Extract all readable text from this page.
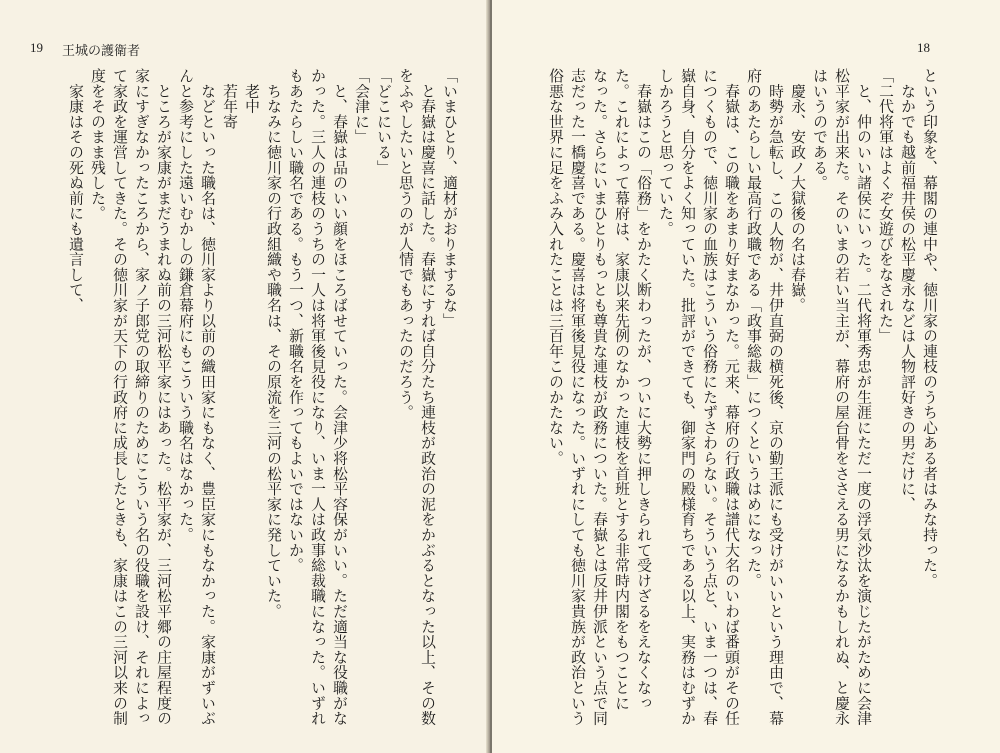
19 王城の護衛者
「いまひとり、適材がおりまするな」
　と春嶽は慶喜に話した。春嶽にすれば自分たち連枝が政治の泥をかぶるとなった以上、その数
をふやしたいと思うのが人情でもあったのだろう。
「どこにいる」
「会津に」
　と、春嶽は品のいい顔をほころばせていった。会津少将松平容保がいい。ただ適当な役職がな
かった。三人の連枝のうちの一人は将軍後見役になり、いま一人は政事総裁職になった。いずれ
もあたらしい職名である。もう一つ、新職名を作ってもよいではないか。
　ちなみに徳川家の行政組織や職名は、その原流を三河の松平家に発していた。
　老中
　若年寄
　などといった職名は、徳川家より以前の織田家にもなく、豊臣家にもなかった。家康がずいぶ
んと参考にした遠いむかしの鎌倉幕府にもこういう職名はなかった。
　ところが家康がまだうまれぬ前の三河松平家にはあった。松平家が、三河松平郷の庄屋程度の
家にすぎなかったころから、家ノ子郎党の取締りのためにこういう名の役職を設け、それによっ
て家政を運営してきた。その徳川家が天下の行政府に成長したときも、家康はこの三河以来の制
度をそのまま残した。
　家康はその死ぬ前にも遺言して、
18
という印象を、幕閣の連中や、徳川家の連枝のうち心ある者はみな持った。
　なかでも越前福井侯の松平慶永などは人物評好きの男だけに、
「二代将軍はよくぞ女遊びをなされた」
　と、仲のいい諸侯にいった。二代将軍秀忠が生涯にただ一度の浮気沙汰を演じたがために会津
松平家が出来た。そのいまの若い当主が、幕府の屋台骨をささえる男になるかもしれぬ、と慶永
はいうのである。
　慶永、安政ノ大獄後の名は春嶽。
　時勢が急転し、この人物が、井伊直弼の横死後、京の勤王派にも受けがいいという理由で、幕
府のあたらしい最高行政職である「政事総裁」につくというはめになった。
　春嶽は、この職をあまり好まなかった。元来、幕府の行政職は譜代大名のいわば番頭がその任
につくもので、徳川家の血族はこういう俗務にたずさわらない。そういう点と、いま一つは、春
嶽自身、自分をよく知っていた。批評ができても、御家門の殿様育ちである以上、実務はむずか
しかろうと思っていた。
　春嶽はこの「俗務」をかたく断わったが、ついに大勢に押しきられて受けざるをえなくなっ
た。これによって幕府は、家康以来先例のなかった連枝を首班とする非常時内閣をもつことに
なった。さらにいまひとりもっとも尊貴な連枝が政務についた。春嶽とは反井伊派という点で同
志だった一橋慶喜である。慶喜は将軍後見役になった。いずれにしても徳川家貴族が政治という
俗悪な世界に足をふみ入れたことは三百年このかたない。
